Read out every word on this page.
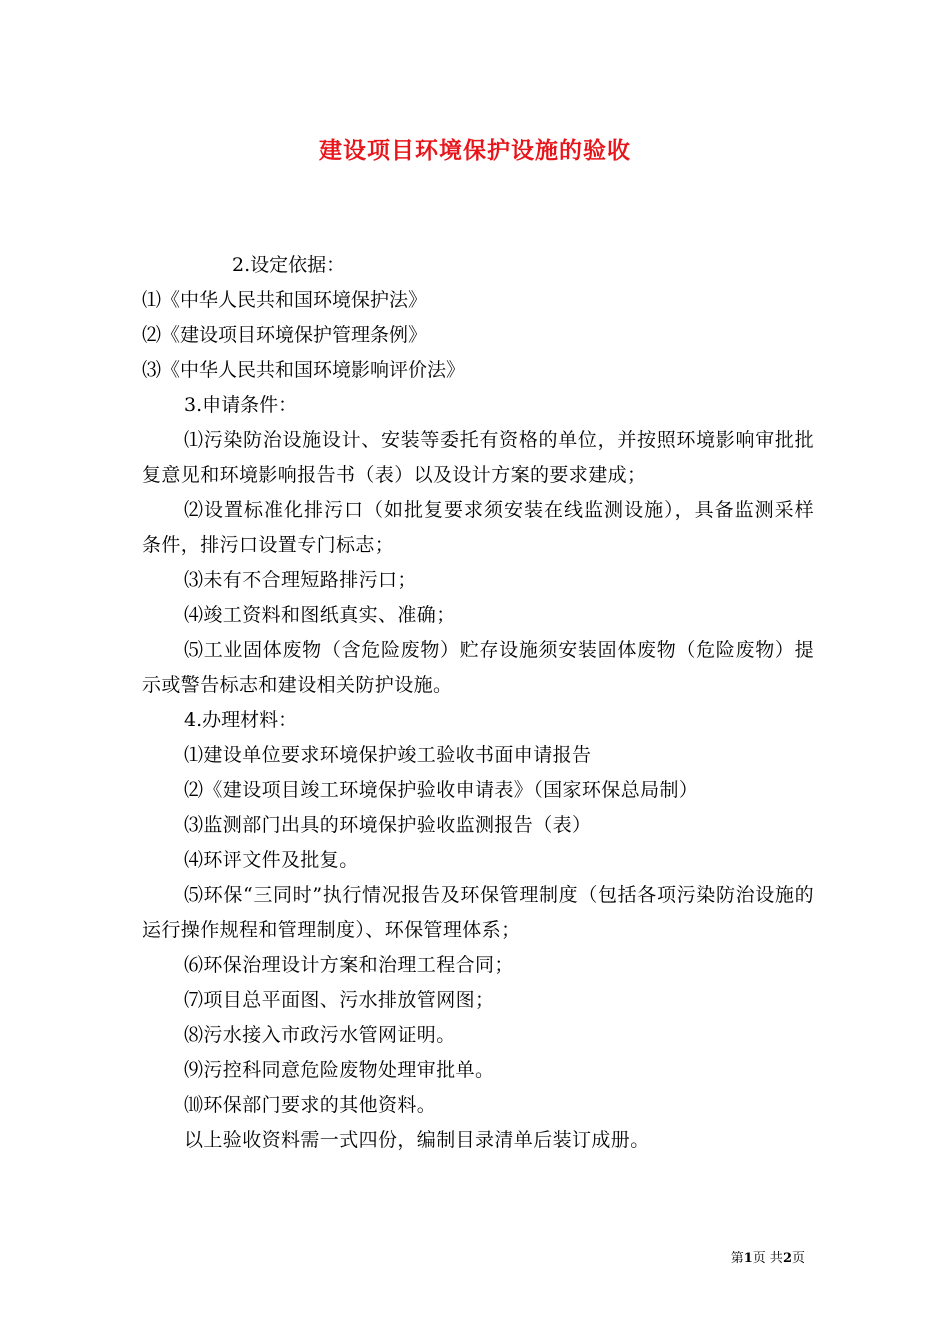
建设项目环境保护设施的验收

2.设定依据：

⑴《中华人民共和国环境保护法》

⑵《建设项目环境保护管理条例》

⑶《中华人民共和国环境影响评价法》

3.申请条件：

⑴污染防治设施设计、安装等委托有资格的单位，并按照环境影响审批批复意见和环境影响报告书（表）以及设计方案的要求建成；

⑵设置标准化排污口（如批复要求须安装在线监测设施），具备监测采样条件，排污口设置专门标志；

⑶未有不合理短路排污口；

⑷竣工资料和图纸真实、准确；

⑸工业固体废物（含危险废物）贮存设施须安装固体废物（危险废物）提示或警告标志和建设相关防护设施。

4.办理材料：

⑴建设单位要求环境保护竣工验收书面申请报告

⑵《建设项目竣工环境保护验收申请表》（国家环保总局制）

⑶监测部门出具的环境保护验收监测报告（表）

⑷环评文件及批复。

⑸环保“三同时”执行情况报告及环保管理制度（包括各项污染防治设施的运行操作规程和管理制度）、环保管理体系；

⑹环保治理设计方案和治理工程合同；

⑺项目总平面图、污水排放管网图；

⑻污水接入市政污水管网证明。

⑼污控科同意危险废物处理审批单。

⑽环保部门要求的其他资料。

以上验收资料需一式四份，编制目录清单后装订成册。

第1页 共2页
